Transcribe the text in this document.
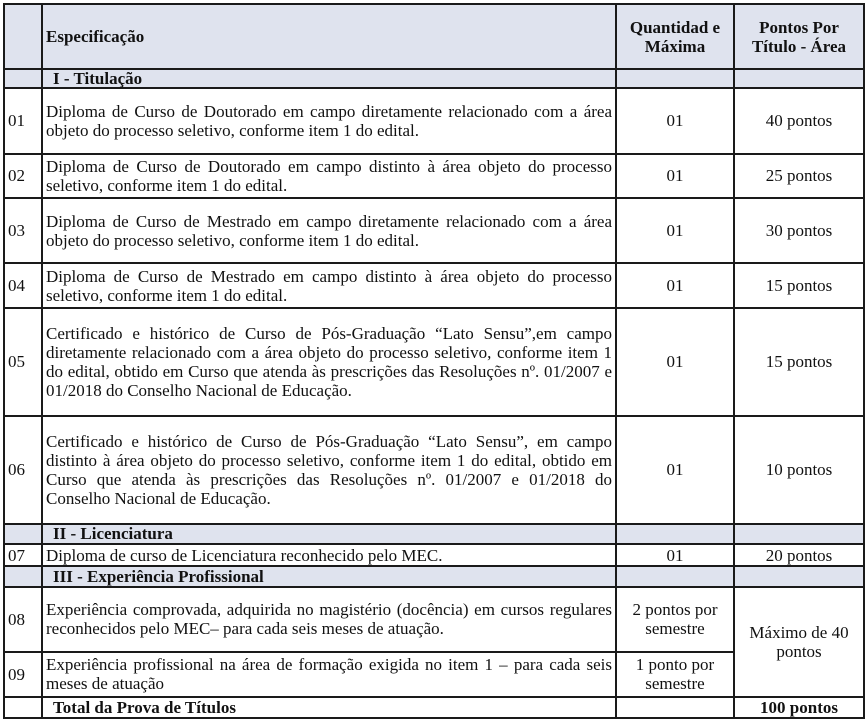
	Especificação	Quantidad e Máxima	Pontos Por Título - Área
	I - Titulação		
01	Diploma de Curso de Doutorado em campo diretamente relacionado com a área objeto do processo seletivo, conforme item 1 do edital.	01	40 pontos
02	Diploma de Curso de Doutorado em campo distinto à área objeto do processo seletivo, conforme item 1 do edital.	01	25 pontos
03	Diploma de Curso de Mestrado em campo diretamente relacionado com a área objeto do processo seletivo, conforme item 1 do edital.	01	30 pontos
04	Diploma de Curso de Mestrado em campo distinto à área objeto do processo seletivo, conforme item 1 do edital.	01	15 pontos
05	Certificado e histórico de Curso de Pós-Graduação “Lato Sensu”,em campo diretamente relacionado com a área objeto do processo seletivo, conforme item 1 do edital, obtido em Curso que atenda às prescrições das Resoluções nº. 01/2007 e 01/2018 do Conselho Nacional de Educação.	01	15 pontos
06	Certificado e histórico de Curso de Pós-Graduação “Lato Sensu”, em campo distinto à área objeto do processo seletivo, conforme item 1 do edital, obtido em Curso que atenda às prescrições das Resoluções nº. 01/2007 e 01/2018 do Conselho Nacional de Educação.	01	10 pontos
	II - Licenciatura		
07	Diploma de curso de Licenciatura reconhecido pelo MEC.	01	20 pontos
	III - Experiência Profissional		
08	Experiência comprovada, adquirida no magistério (docência) em cursos regulares reconhecidos pelo MEC– para cada seis meses de atuação.	2 pontos por semestre	Máximo de 40 pontos
09	Experiência profissional na área de formação exigida no item 1 – para cada seis meses de atuação	1 ponto por semestre	
	Total da Prova de Títulos		100 pontos
